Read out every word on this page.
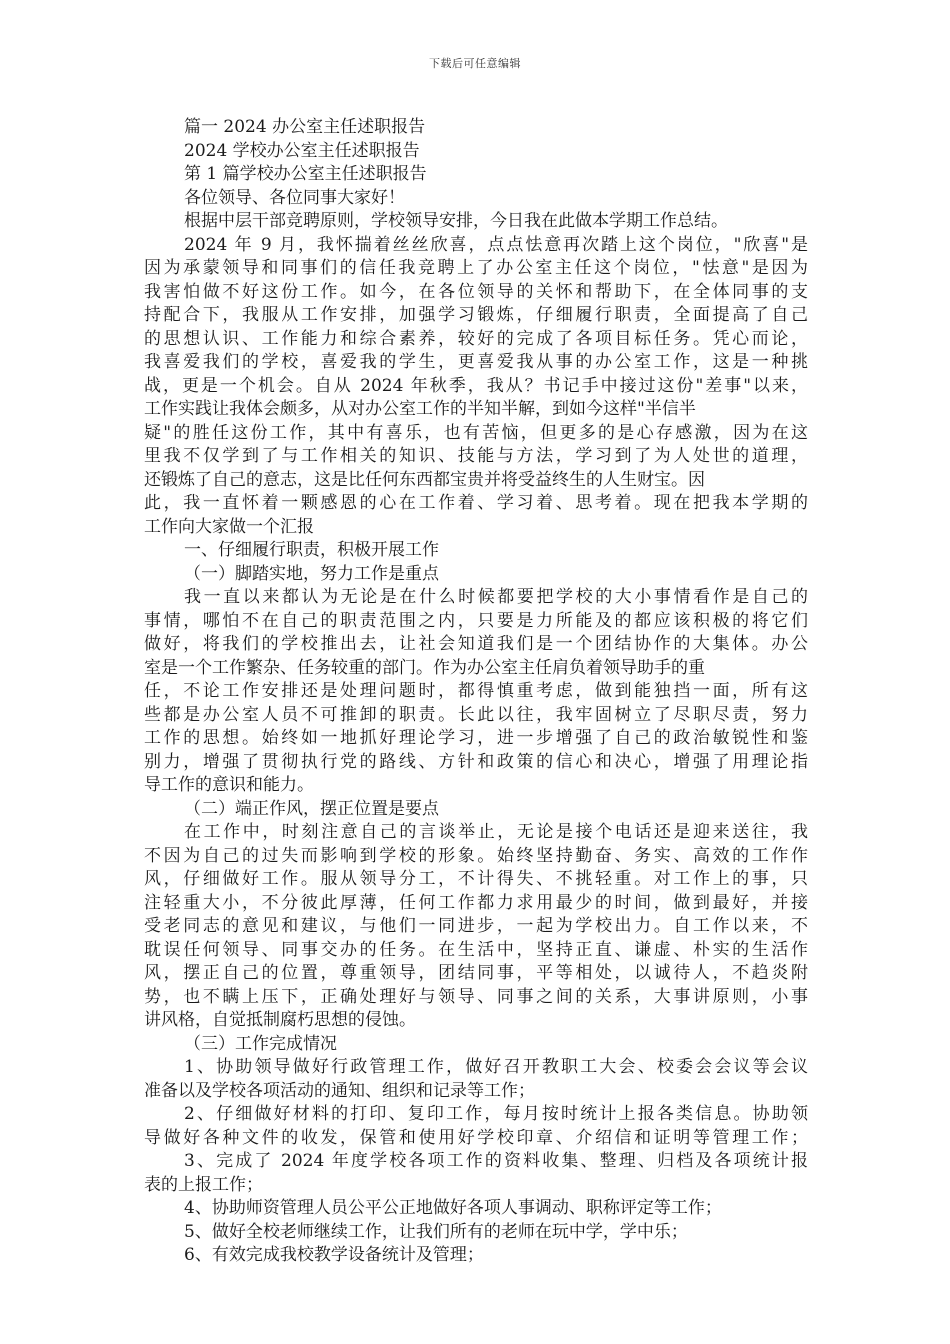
下载后可任意编辑
篇一 2024 办公室主任述职报告
2024 学校办公室主任述职报告
第 1 篇学校办公室主任述职报告
各位领导、各位同事大家好！
根据中层干部竞聘原则，学校领导安排，今日我在此做本学期工作总结。
2024 年 9 月，我怀揣着丝丝欣喜，点点怯意再次踏上这个岗位，"欣喜"是
因为承蒙领导和同事们的信任我竞聘上了办公室主任这个岗位，"怯意"是因为
我害怕做不好这份工作。如今，在各位领导的关怀和帮助下，在全体同事的支
持配合下，我服从工作安排，加强学习锻炼，仔细履行职责，全面提高了自己
的思想认识、工作能力和综合素养，较好的完成了各项目标任务。凭心而论，
我喜爱我们的学校，喜爱我的学生，更喜爱我从事的办公室工作，这是一种挑
战，更是一个机会。自从 2024 年秋季，我从？书记手中接过这份"差事"以来，
工作实践让我体会颇多，从对办公室工作的半知半解，到如今这样"半信半
疑"的胜任这份工作，其中有喜乐，也有苦恼，但更多的是心存感激，因为在这
里我不仅学到了与工作相关的知识、技能与方法，学习到了为人处世的道理，
还锻炼了自己的意志，这是比任何东西都宝贵并将受益终生的人生财宝。因
此，我一直怀着一颗感恩的心在工作着、学习着、思考着。现在把我本学期的
工作向大家做一个汇报
一、仔细履行职责，积极开展工作
（一）脚踏实地，努力工作是重点
我一直以来都认为无论是在什么时候都要把学校的大小事情看作是自己的
事情，哪怕不在自己的职责范围之内，只要是力所能及的都应该积极的将它们
做好，将我们的学校推出去，让社会知道我们是一个团结协作的大集体。办公
室是一个工作繁杂、任务较重的部门。作为办公室主任肩负着领导助手的重
任，不论工作安排还是处理问题时，都得慎重考虑，做到能独挡一面，所有这
些都是办公室人员不可推卸的职责。长此以往，我牢固树立了尽职尽责，努力
工作的思想。始终如一地抓好理论学习，进一步增强了自己的政治敏锐性和鉴
别力，增强了贯彻执行党的路线、方针和政策的信心和决心，增强了用理论指
导工作的意识和能力。
（二）端正作风，摆正位置是要点
在工作中，时刻注意自己的言谈举止，无论是接个电话还是迎来送往，我
不因为自己的过失而影响到学校的形象。始终坚持勤奋、务实、高效的工作作
风，仔细做好工作。服从领导分工，不计得失、不挑轻重。对工作上的事，只
注轻重大小，不分彼此厚薄，任何工作都力求用最少的时间，做到最好，并接
受老同志的意见和建议，与他们一同进步，一起为学校出力。自工作以来，不
耽误任何领导、同事交办的任务。在生活中，坚持正直、谦虚、朴实的生活作
风，摆正自己的位置，尊重领导，团结同事，平等相处，以诚待人，不趋炎附
势，也不瞒上压下，正确处理好与领导、同事之间的关系，大事讲原则，小事
讲风格，自觉抵制腐朽思想的侵蚀。
（三）工作完成情况
1、协助领导做好行政管理工作，做好召开教职工大会、校委会会议等会议
准备以及学校各项活动的通知、组织和记录等工作；
2、仔细做好材料的打印、复印工作，每月按时统计上报各类信息。协助领
导做好各种文件的收发，保管和使用好学校印章、介绍信和证明等管理工作；
3、完成了 2024 年度学校各项工作的资料收集、整理、归档及各项统计报
表的上报工作；
4、协助师资管理人员公平公正地做好各项人事调动、职称评定等工作；
5、做好全校老师继续工作，让我们所有的老师在玩中学，学中乐；
6、有效完成我校教学设备统计及管理；
